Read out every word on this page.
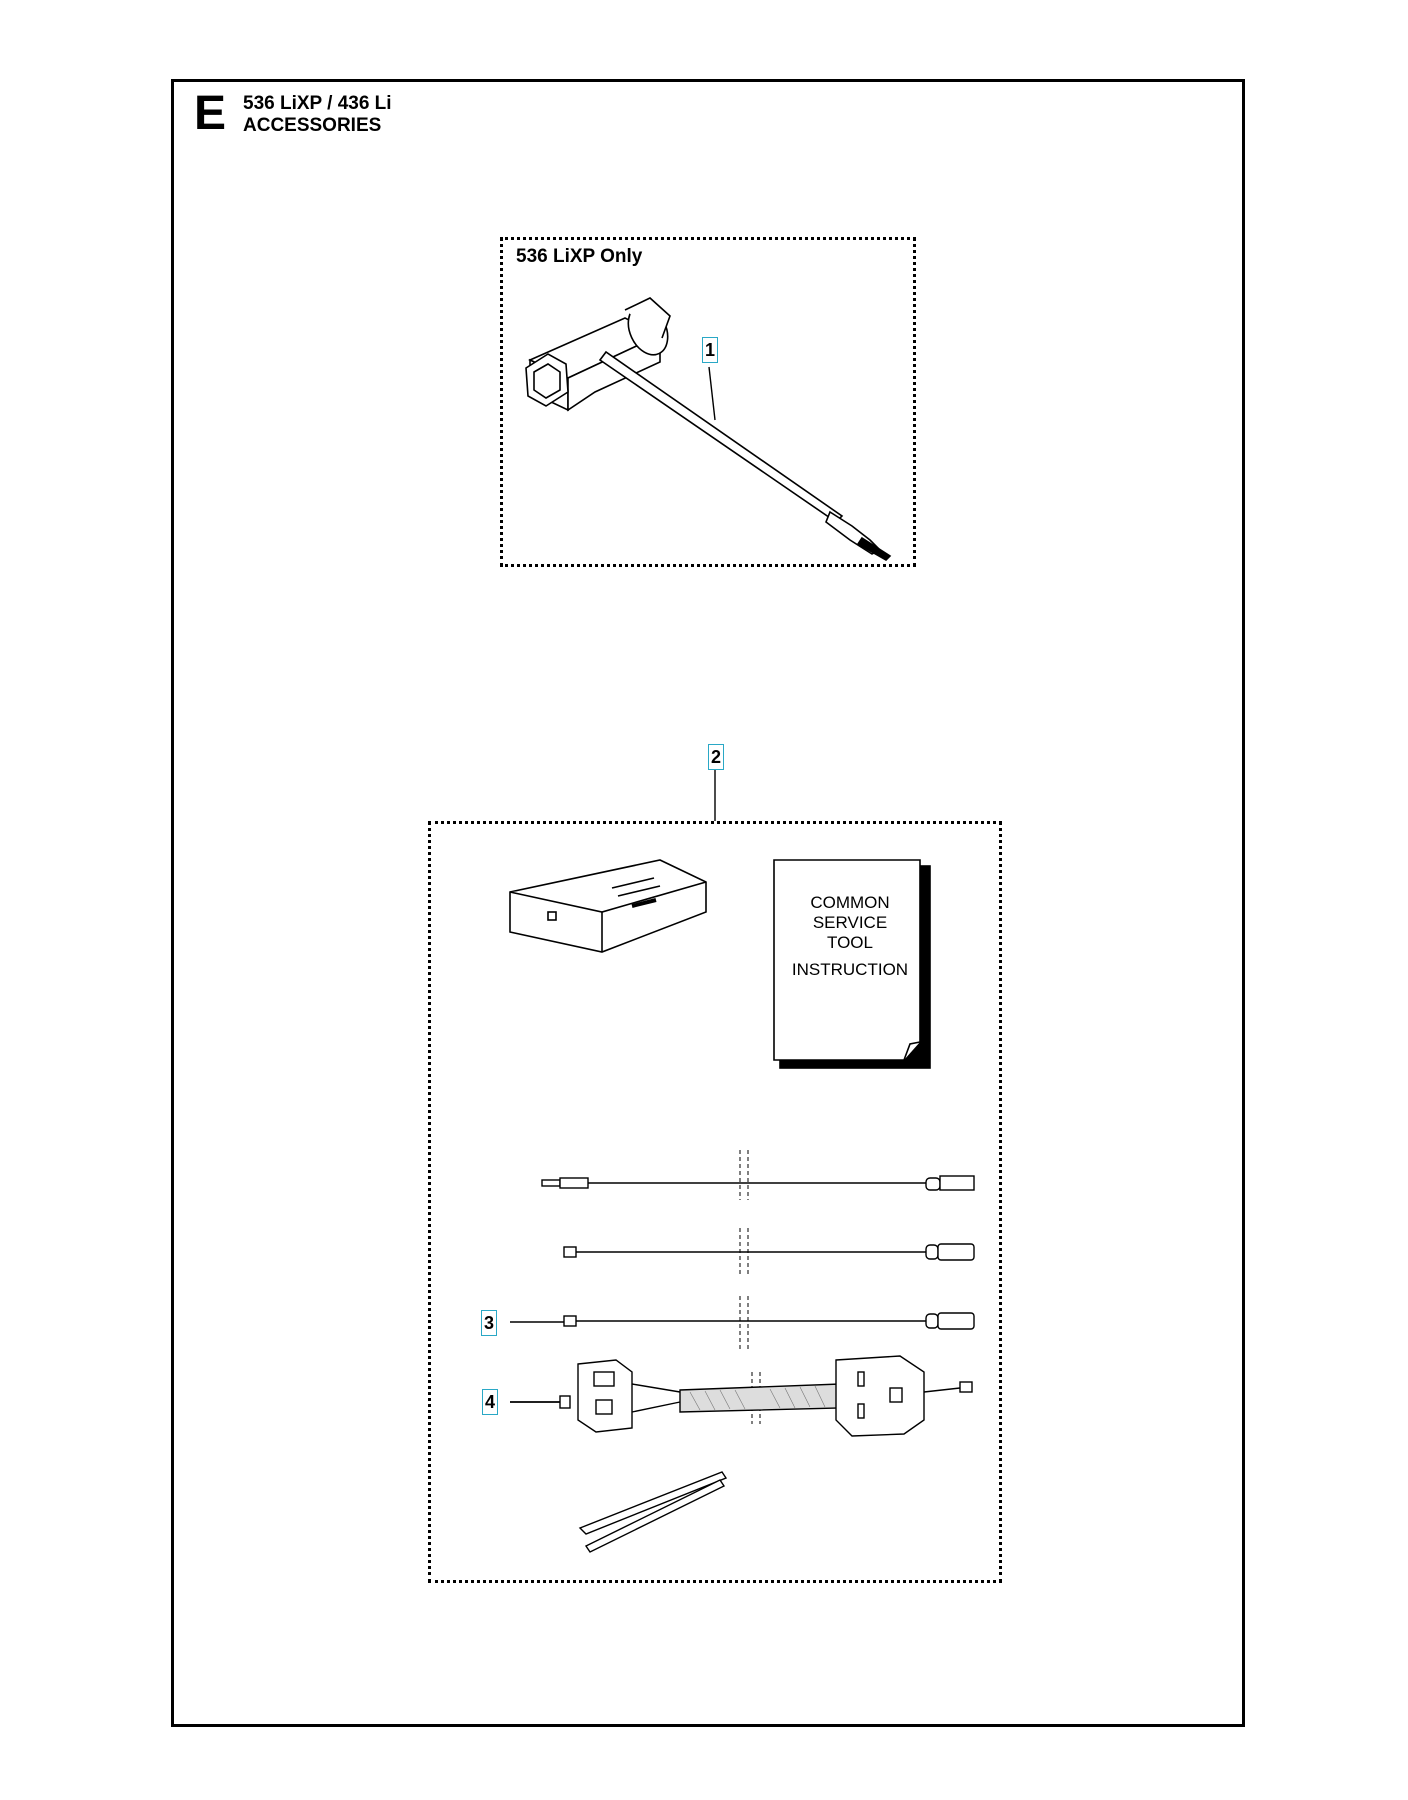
E 536 LiXP / 436 Li
ACCESSORIES
536 LiXP Only
COMMON
SERVICE
TOOL
INSTRUCTION
1
2
3
4
